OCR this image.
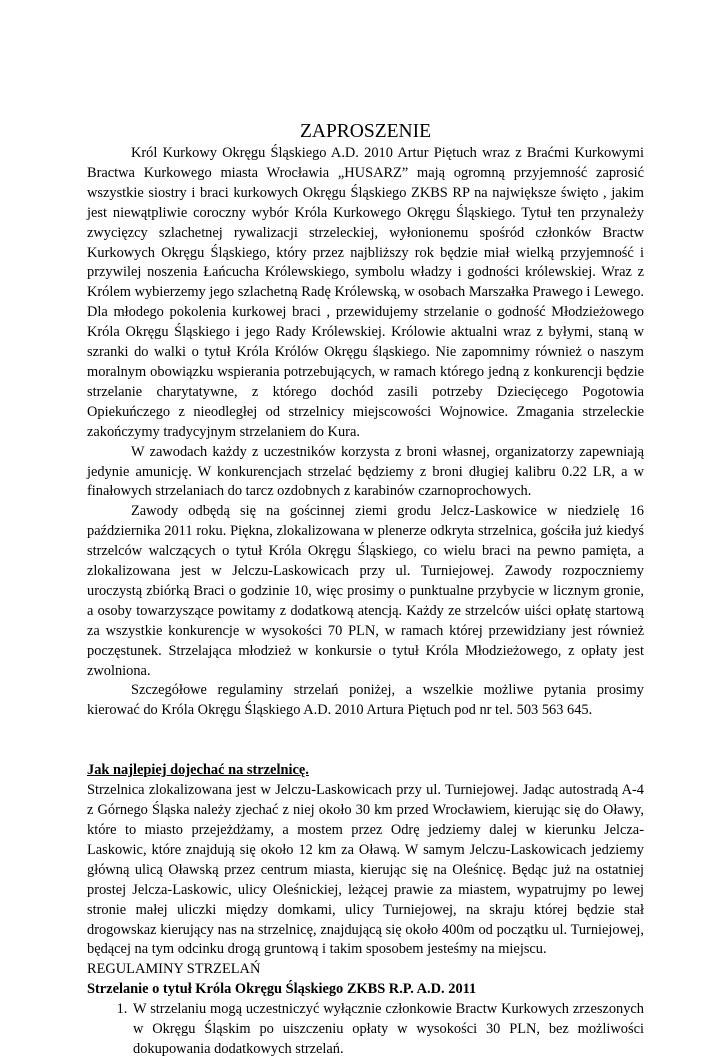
ZAPROSZENIE

Król Kurkowy Okręgu Śląskiego A.D. 2010 Artur Piętuch wraz z Braćmi Kurkowymi Bractwa Kurkowego miasta Wrocławia „HUSARZ” mają ogromną przyjemność zaprosić wszystkie siostry i braci kurkowych Okręgu Śląskiego ZKBS RP na największe święto , jakim jest niewątpliwie coroczny wybór Króla Kurkowego Okręgu Śląskiego. Tytuł ten przynależy zwycięzcy szlachetnej rywalizacji strzeleckiej, wyłonionemu spośród członków Bractw Kurkowych Okręgu Śląskiego, który przez najbliższy rok będzie miał wielką przyjemność i przywilej noszenia Łańcucha Królewskiego, symbolu władzy i godności królewskiej. Wraz z Królem wybierzemy jego szlachetną Radę Królewską, w osobach Marszałka Prawego i Lewego. Dla młodego pokolenia kurkowej braci , przewidujemy strzelanie o godność Młodzieżowego Króla Okręgu Śląskiego i jego Rady Królewskiej. Królowie aktualni wraz z byłymi, staną w szranki do walki o tytuł Króla Królów Okręgu śląskiego. Nie zapomnimy również o naszym moralnym obowiązku wspierania potrzebujących, w ramach którego jedną z konkurencji będzie strzelanie charytatywne, z którego dochód zasili potrzeby Dziecięcego Pogotowia Opiekuńczego z nieodległej od strzelnicy miejscowości Wojnowice. Zmagania strzeleckie zakończymy tradycyjnym strzelaniem do Kura.

W zawodach każdy z uczestników korzysta z broni własnej, organizatorzy zapewniają jedynie amunicję. W konkurencjach strzelać będziemy z broni długiej kalibru 0.22 LR, a w finałowych strzelaniach do tarcz ozdobnych z karabinów czarnoprochowych.

Zawody odbędą się na gościnnej ziemi grodu Jelcz-Laskowice w niedzielę 16 października 2011 roku. Piękna, zlokalizowana w plenerze odkryta strzelnica, gościła już kiedyś strzelców walczących o tytuł Króla Okręgu Śląskiego, co wielu braci na pewno pamięta, a zlokalizowana jest w Jelczu-Laskowicach przy ul. Turniejowej. Zawody rozpoczniemy uroczystą zbiórką Braci o godzinie 10, więc prosimy o punktualne przybycie w licznym gronie, a osoby towarzyszące powitamy z dodatkową atencją. Każdy ze strzelców uiści opłatę startową za wszystkie konkurencje w wysokości 70 PLN, w ramach której przewidziany jest również poczęstunek. Strzelająca młodzież w konkursie o tytuł Króla Młodzieżowego, z opłaty jest zwolniona.

Szczegółowe regulaminy strzelań poniżej, a wszelkie możliwe pytania prosimy kierować do Króla Okręgu Śląskiego A.D. 2010 Artura Piętuch pod nr tel. 503 563 645.

Jak najlepiej dojechać na strzelnicę.

Strzelnica zlokalizowana jest w Jelczu-Laskowicach przy ul. Turniejowej. Jadąc autostradą A-4 z Górnego Śląska należy zjechać z niej około 30 km przed Wrocławiem, kierując się do Oławy, które to miasto przejeżdżamy, a mostem przez Odrę jedziemy dalej w kierunku Jelcza-Laskowic, które znajdują się około 12 km za Oławą. W samym Jelczu-Laskowicach jedziemy główną ulicą Oławską przez centrum miasta, kierując się na Oleśnicę. Będąc już na ostatniej prostej Jelcza-Laskowic, ulicy Oleśnickiej, leżącej prawie za miastem, wypatrujmy po lewej stronie małej uliczki między domkami, ulicy Turniejowej, na skraju której będzie stał drogowskaz kierujący nas na strzelnicę, znajdującą się około 400m od początku ul. Turniejowej, będącej na tym odcinku drogą gruntową i takim sposobem jesteśmy na miejscu.

REGULAMINY STRZELAŃ

Strzelanie o tytuł Króla Okręgu Śląskiego ZKBS R.P. A.D. 2011

1. W strzelaniu mogą uczestniczyć wyłącznie członkowie Bractw Kurkowych zrzeszonych w Okręgu Śląskim po uiszczeniu opłaty w wysokości 30 PLN, bez możliwości dokupowania dodatkowych strzelań.
